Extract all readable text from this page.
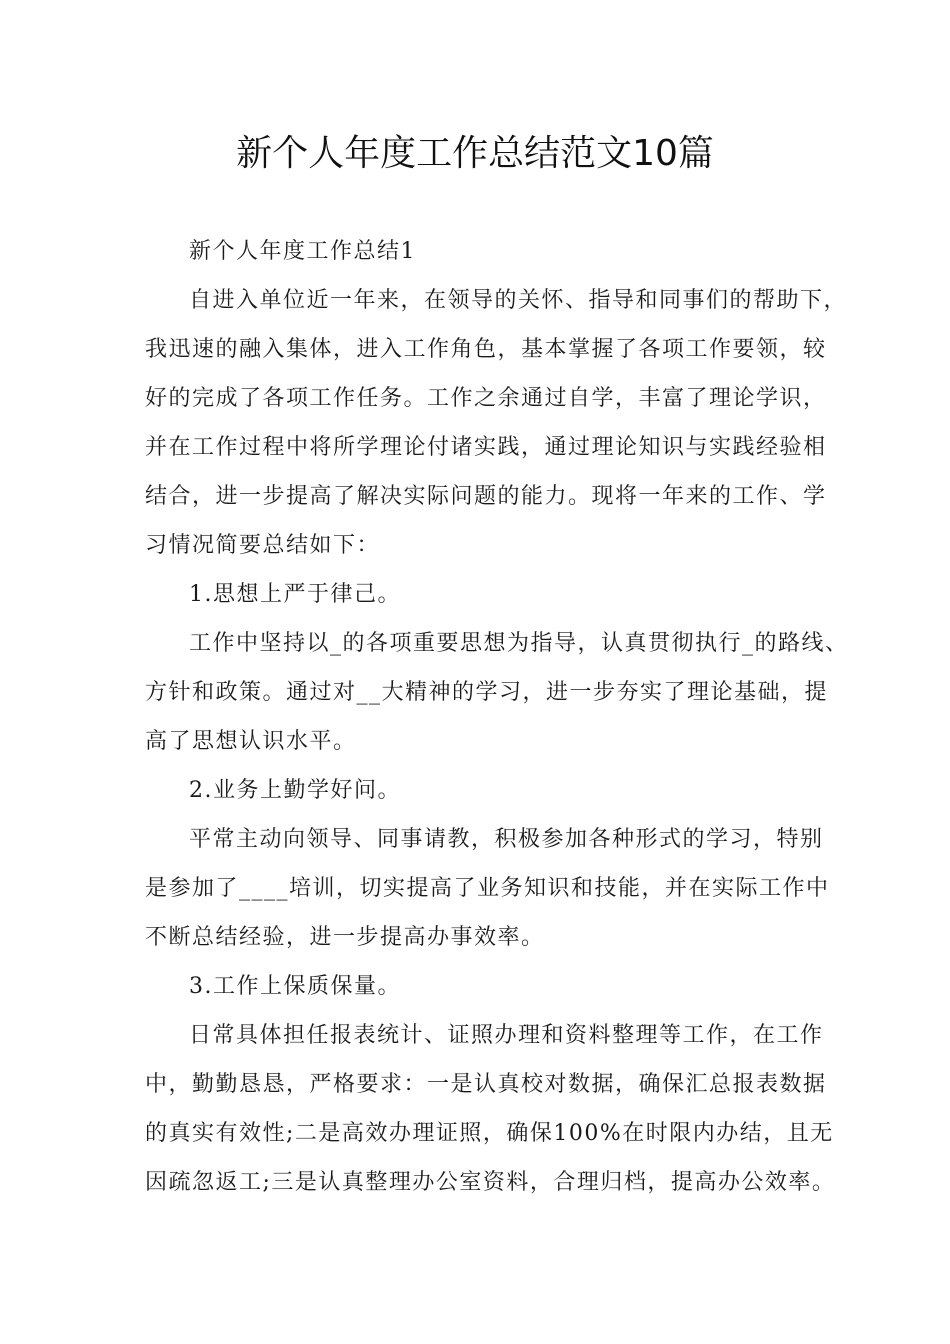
新个人年度工作总结范文10篇
新个人年度工作总结1
自进入单位近一年来，在领导的关怀、指导和同事们的帮助下，
我迅速的融入集体，进入工作角色，基本掌握了各项工作要领，较
好的完成了各项工作任务。工作之余通过自学，丰富了理论学识，
并在工作过程中将所学理论付诸实践，通过理论知识与实践经验相
结合，进一步提高了解决实际问题的能力。现将一年来的工作、学
习情况简要总结如下：
1.思想上严于律己。
工作中坚持以_的各项重要思想为指导，认真贯彻执行_的路线、
方针和政策。通过对__大精神的学习，进一步夯实了理论基础，提
高了思想认识水平。
2.业务上勤学好问。
平常主动向领导、同事请教，积极参加各种形式的学习，特别
是参加了____培训，切实提高了业务知识和技能，并在实际工作中
不断总结经验，进一步提高办事效率。
3.工作上保质保量。
日常具体担任报表统计、证照办理和资料整理等工作，在工作
中，勤勤恳恳，严格要求：一是认真校对数据，确保汇总报表数据
的真实有效性;二是高效办理证照，确保100%在时限内办结，且无
因疏忽返工;三是认真整理办公室资料，合理归档，提高办公效率。
